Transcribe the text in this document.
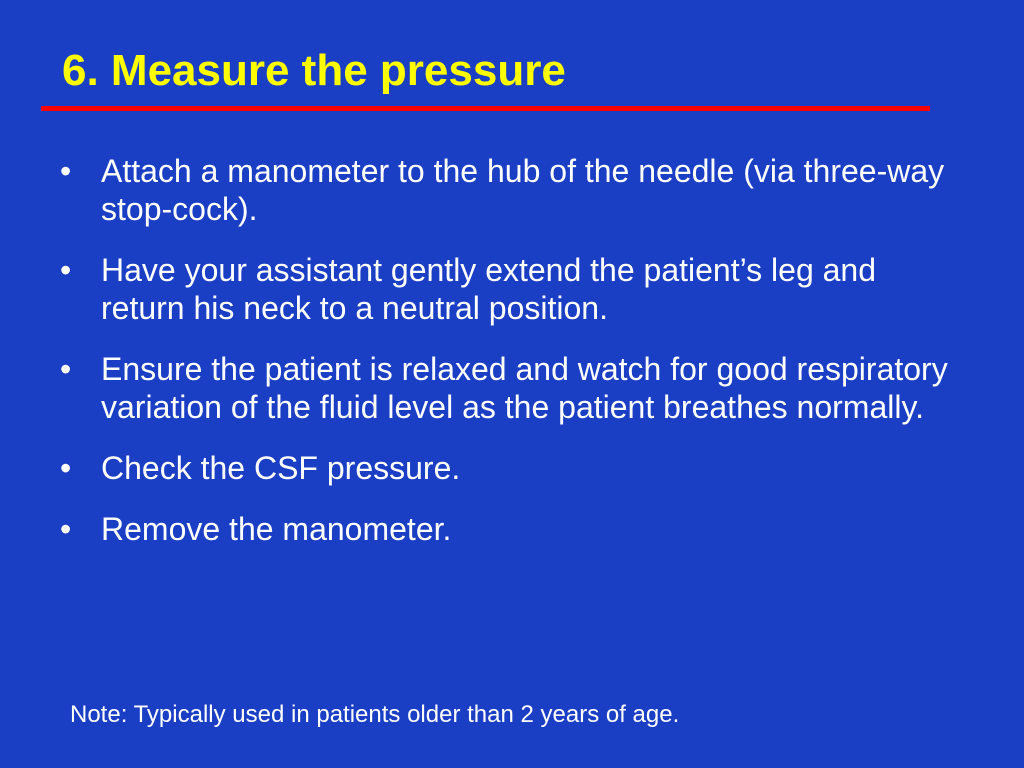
6. Measure the pressure
• Attach a manometer to the hub of the needle (via three-way stop-cock).
• Have your assistant gently extend the patient’s leg and return his neck to a neutral position.
• Ensure the patient is relaxed and watch for good respiratory variation of the fluid level as the patient breathes normally.
• Check the CSF pressure.
• Remove the manometer.
Note: Typically used in patients older than 2 years of age.
